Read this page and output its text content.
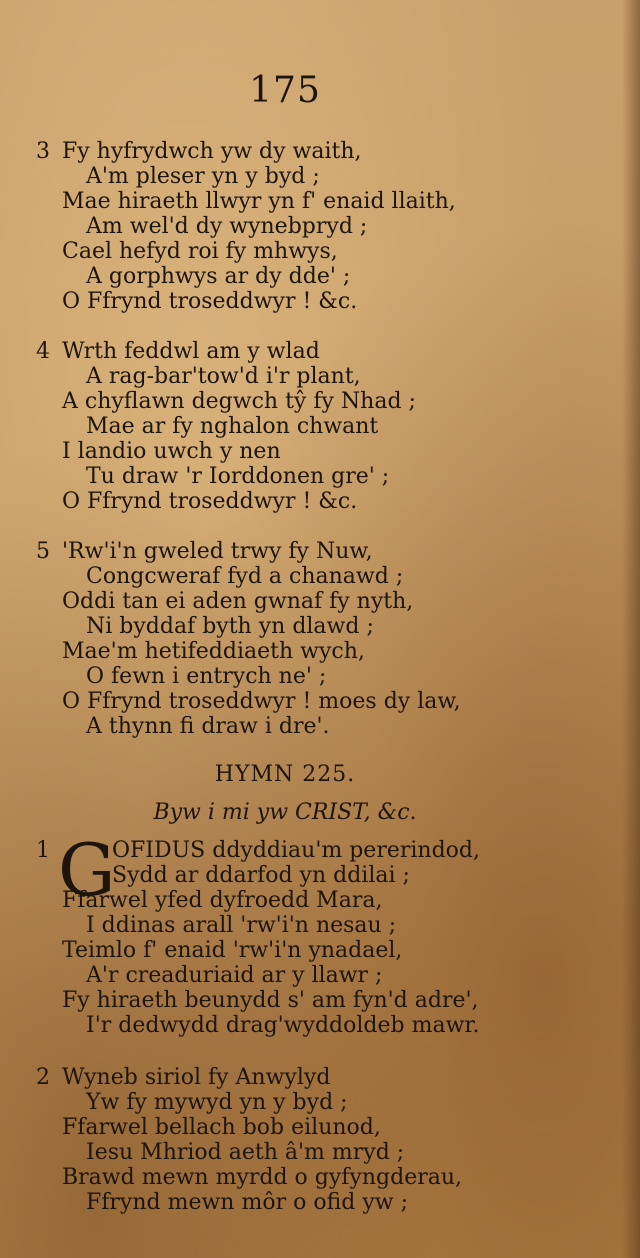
175
3 Fy hyfrydwch yw dy waith,
A'm pleser yn y byd ;
Mae hiraeth llwyr yn f' enaid llaith,
Am wel'd dy wynebpryd ;
Cael hefyd roi fy mhwys,
A gorphwys ar dy dde' ;
O Ffrynd troseddwyr ! &c.
4 Wrth feddwl am y wlad
A rag-bar'tow'd i'r plant,
A chyflawn degwch tŷ fy Nhad ;
Mae ar fy nghalon chwant
I landio uwch y nen
Tu draw 'r Iorddonen gre' ;
O Ffrynd troseddwyr ! &c.
5 'Rw'i'n gweled trwy fy Nuw,
Congcweraf fyd a chanawd ;
Oddi tan ei aden gwnaf fy nyth,
Ni byddaf byth yn dlawd ;
Mae'm hetifeddiaeth wych,
O fewn i entrych ne' ;
O Ffrynd troseddwyr ! moes dy law,
A thynn fi draw i dre'.
HYMN 225.
Byw i mi yw CRIST, &c.
1 G
OFIDUS ddyddiau'm pererindod,
Sydd ar ddarfod yn ddilai ;
Ffarwel yfed dyfroedd Mara,
I ddinas arall 'rw'i'n nesau ;
Teimlo f' enaid 'rw'i'n ynadael,
A'r creaduriaid ar y llawr ;
Fy hiraeth beunydd s' am fyn'd adre',
I'r dedwydd drag'wyddoldeb mawr.
2 Wyneb siriol fy Anwylyd
Yw fy mywyd yn y byd ;
Ffarwel bellach bob eilunod,
Iesu Mhriod aeth â'm mryd ;
Brawd mewn myrdd o gyfyngderau,
Ffrynd mewn môr o ofid yw ;
